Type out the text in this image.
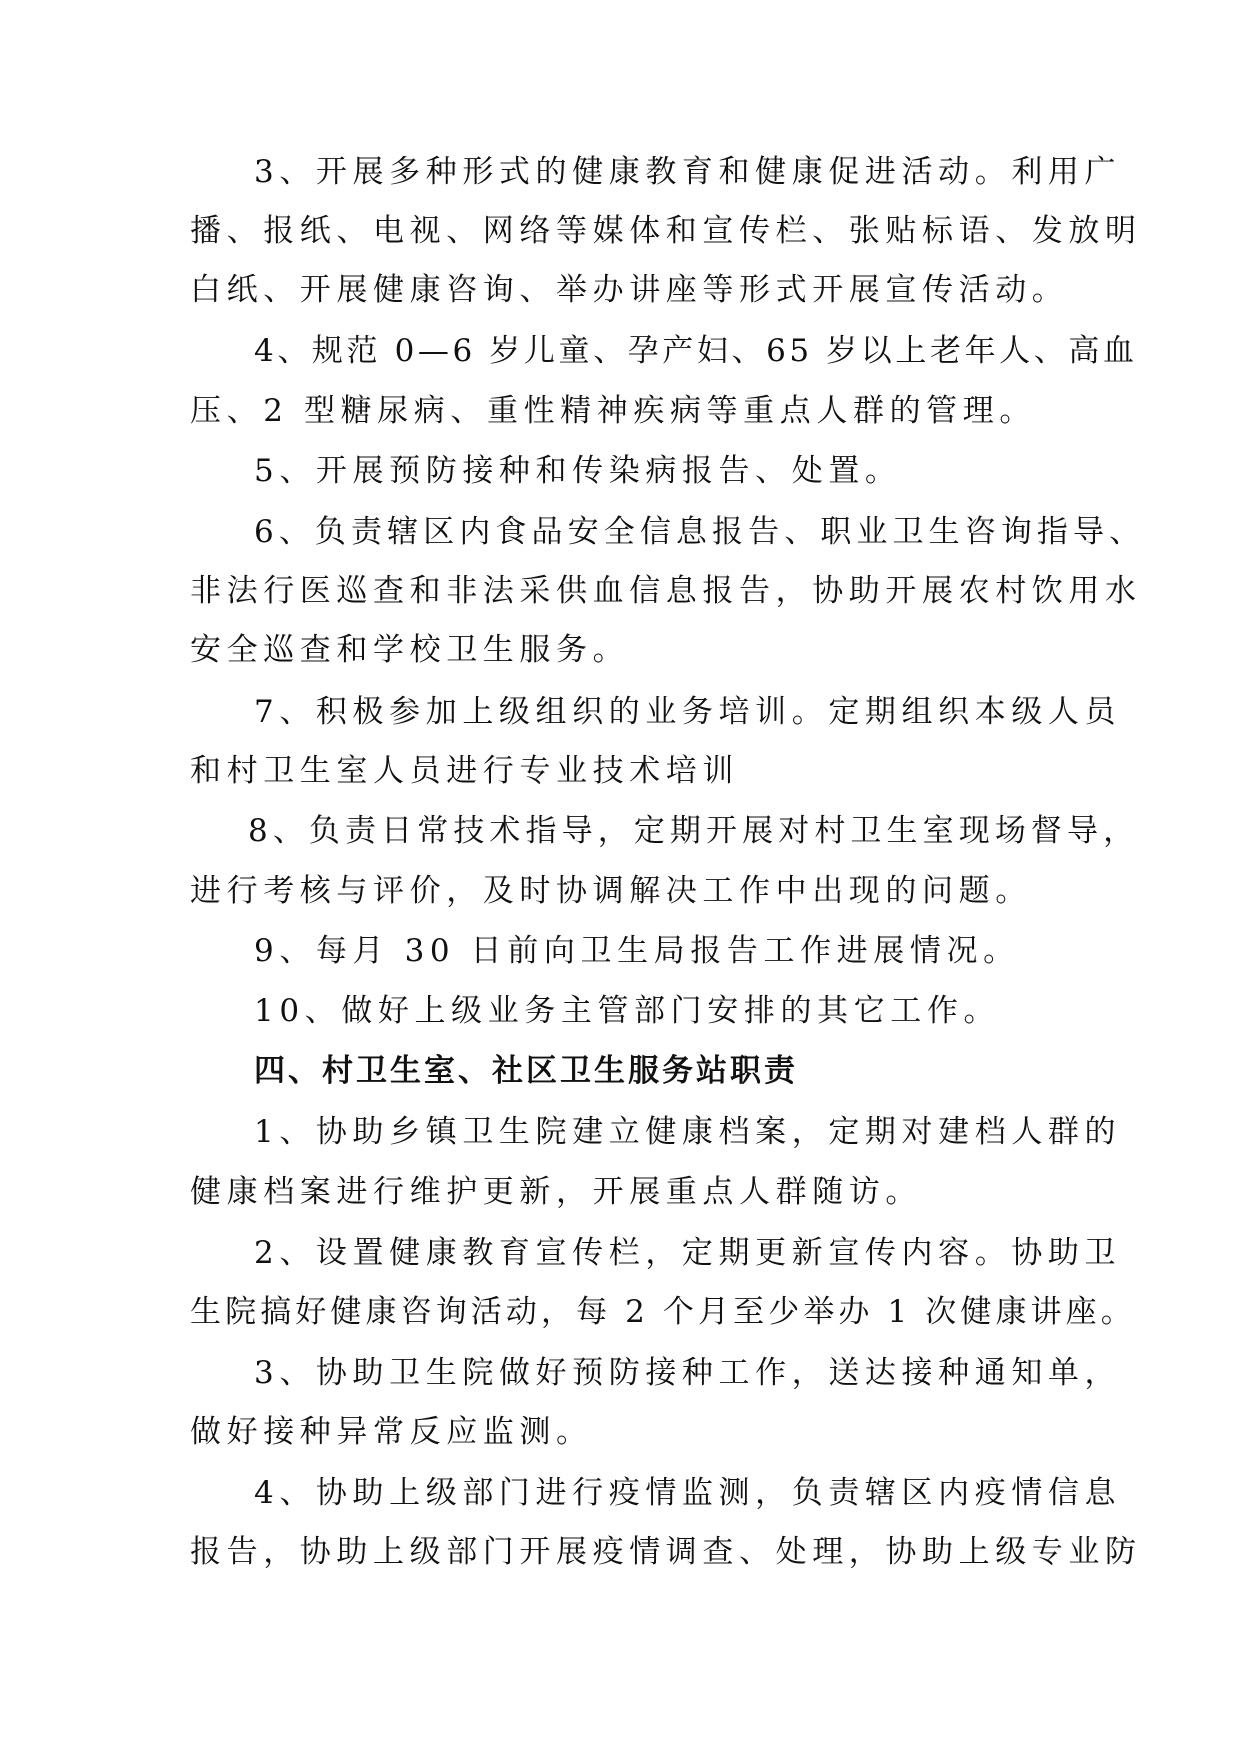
3、开展多种形式的健康教育和健康促进活动。利用广
播、报纸、电视、网络等媒体和宣传栏、张贴标语、发放明
白纸、开展健康咨询、举办讲座等形式开展宣传活动。
4、规范 0—6 岁儿童、孕产妇、65 岁以上老年人、高血
压、2 型糖尿病、重性精神疾病等重点人群的管理。
5、开展预防接种和传染病报告、处置。
6、负责辖区内食品安全信息报告、职业卫生咨询指导、
非法行医巡查和非法采供血信息报告，协助开展农村饮用水
安全巡查和学校卫生服务。
7、积极参加上级组织的业务培训。定期组织本级人员
和村卫生室人员进行专业技术培训
8、负责日常技术指导，定期开展对村卫生室现场督导，
进行考核与评价，及时协调解决工作中出现的问题。
9、每月 30 日前向卫生局报告工作进展情况。
10、做好上级业务主管部门安排的其它工作。
四、村卫生室、社区卫生服务站职责
1、协助乡镇卫生院建立健康档案，定期对建档人群的
健康档案进行维护更新，开展重点人群随访。
2、设置健康教育宣传栏，定期更新宣传内容。协助卫
生院搞好健康咨询活动，每 2 个月至少举办 1 次健康讲座。
3、协助卫生院做好预防接种工作，送达接种通知单，
做好接种异常反应监测。
4、协助上级部门进行疫情监测，负责辖区内疫情信息
报告，协助上级部门开展疫情调查、处理，协助上级专业防
